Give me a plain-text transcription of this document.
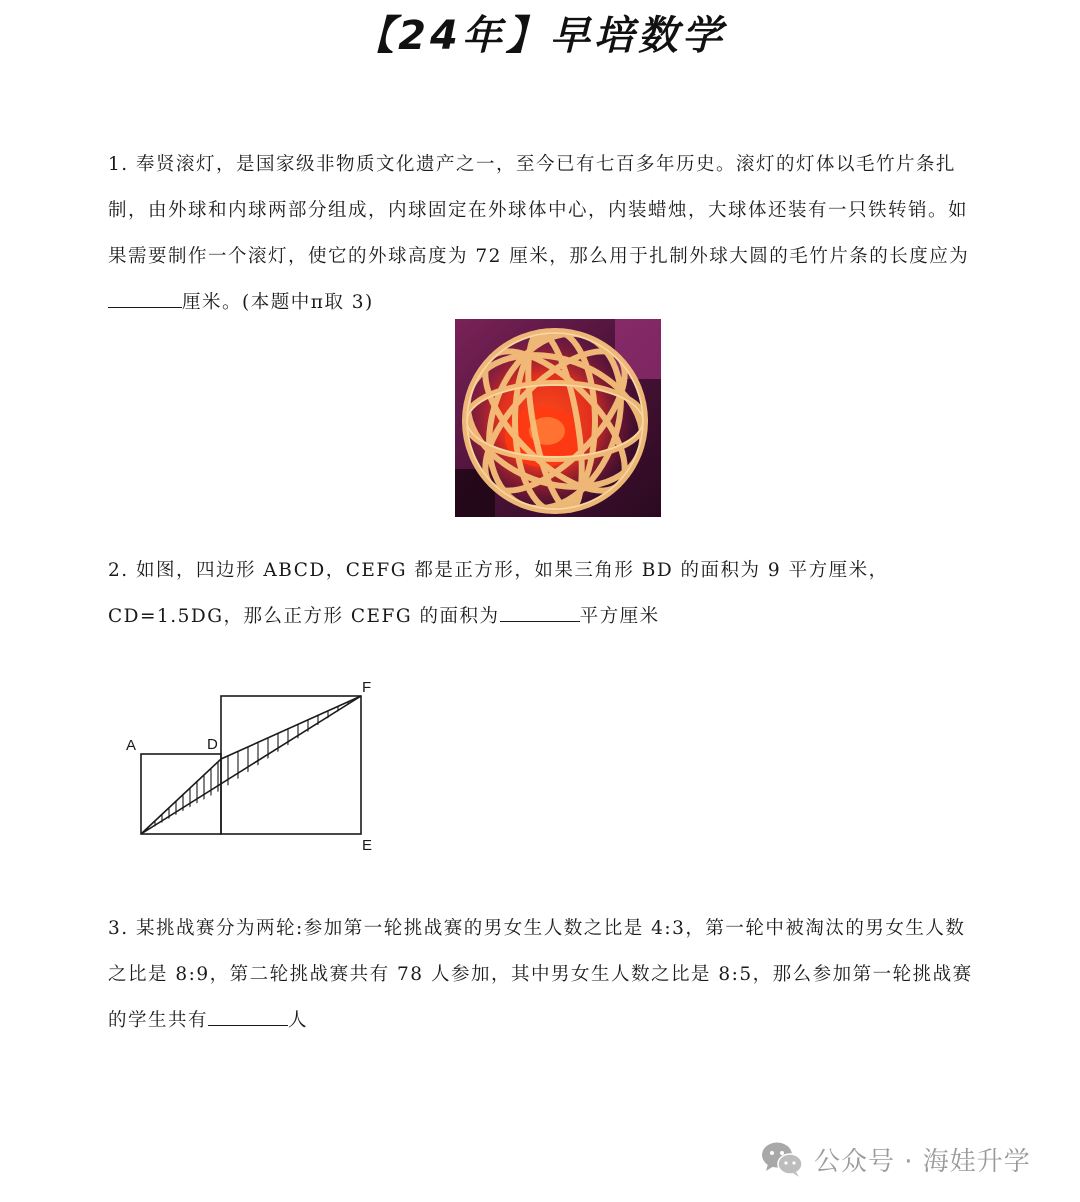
【24年】早培数学
1. 奉贤滚灯，是国家级非物质文化遗产之一，至今已有七百多年历史。滚灯的灯体以毛竹片条扎制，由外球和内球两部分组成，内球固定在外球体中心，内装蜡烛，大球体还装有一只铁转销。如果需要制作一个滚灯，使它的外球高度为 72 厘米，那么用于扎制外球大圆的毛竹片条的长度应为厘米。(本题中π取 3)
2. 如图，四边形 ABCD，CEFG 都是正方形，如果三角形 BD 的面积为 9 平方厘米，CD=1.5DG，那么正方形 CEFG 的面积为	平方厘米
A	D
F
E
3. 某挑战赛分为两轮:参加第一轮挑战赛的男女生人数之比是 4:3，第一轮中被淘汰的男女生人数之比是 8:9，第二轮挑战赛共有 78 人参加，其中男女生人数之比是 8:5，那么参加第一轮挑战赛的学生共有	人
公众号 · 海娃升学
